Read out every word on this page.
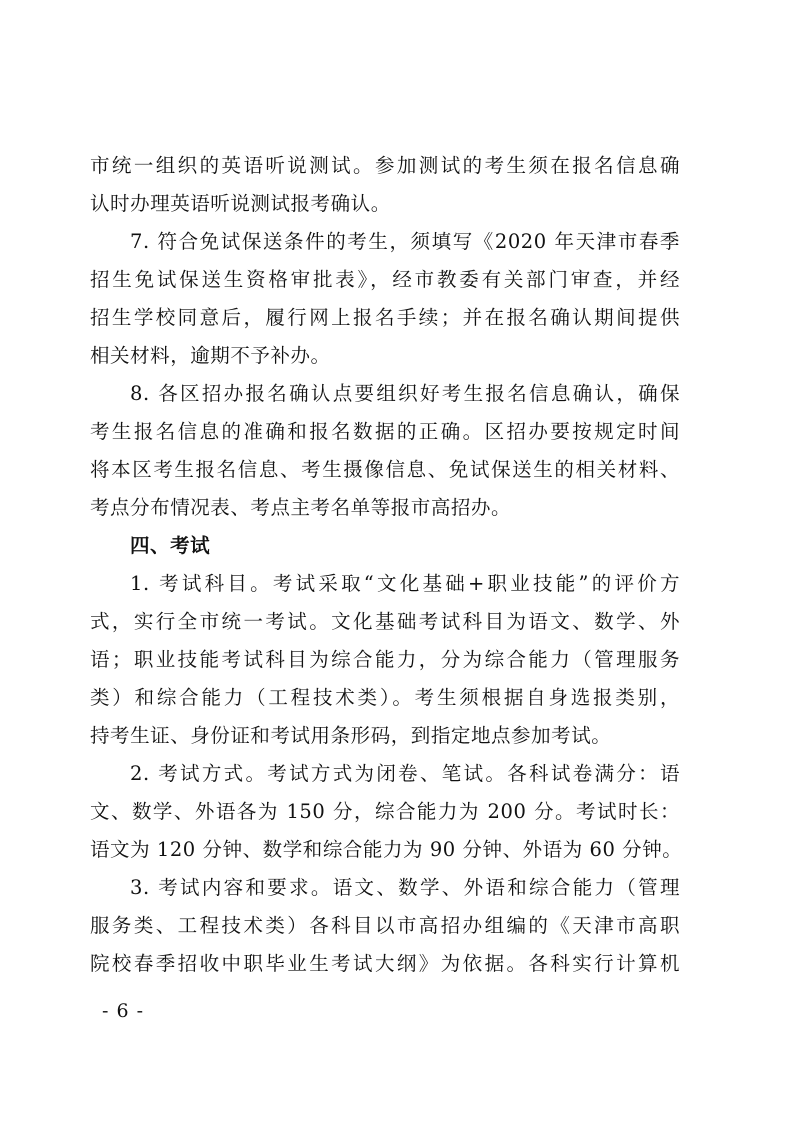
市统一组织的英语听说测试。参加测试的考生须在报名信息确
认时办理英语听说测试报考确认。
7. 符合免试保送条件的考生，须填写《2020 年天津市春季
招生免试保送生资格审批表》，经市教委有关部门审查，并经
招生学校同意后，履行网上报名手续；并在报名确认期间提供
相关材料，逾期不予补办。
8. 各区招办报名确认点要组织好考生报名信息确认，确保
考生报名信息的准确和报名数据的正确。区招办要按规定时间
将本区考生报名信息、考生摄像信息、免试保送生的相关材料、
考点分布情况表、考点主考名单等报市高招办。
四、考试
1. 考试科目。考试采取“文化基础+职业技能”的评价方
式，实行全市统一考试。文化基础考试科目为语文、数学、外
语；职业技能考试科目为综合能力，分为综合能力（管理服务
类）和综合能力（工程技术类）。考生须根据自身选报类别，
持考生证、身份证和考试用条形码，到指定地点参加考试。
2. 考试方式。考试方式为闭卷、笔试。各科试卷满分：语
文、数学、外语各为 150 分，综合能力为 200 分。考试时长：
语文为 120 分钟、数学和综合能力为 90 分钟、外语为 60 分钟。
3. 考试内容和要求。语文、数学、外语和综合能力（管理
服务类、工程技术类）各科目以市高招办组编的《天津市高职
院校春季招收中职毕业生考试大纲》为依据。各科实行计算机
- 6 -
